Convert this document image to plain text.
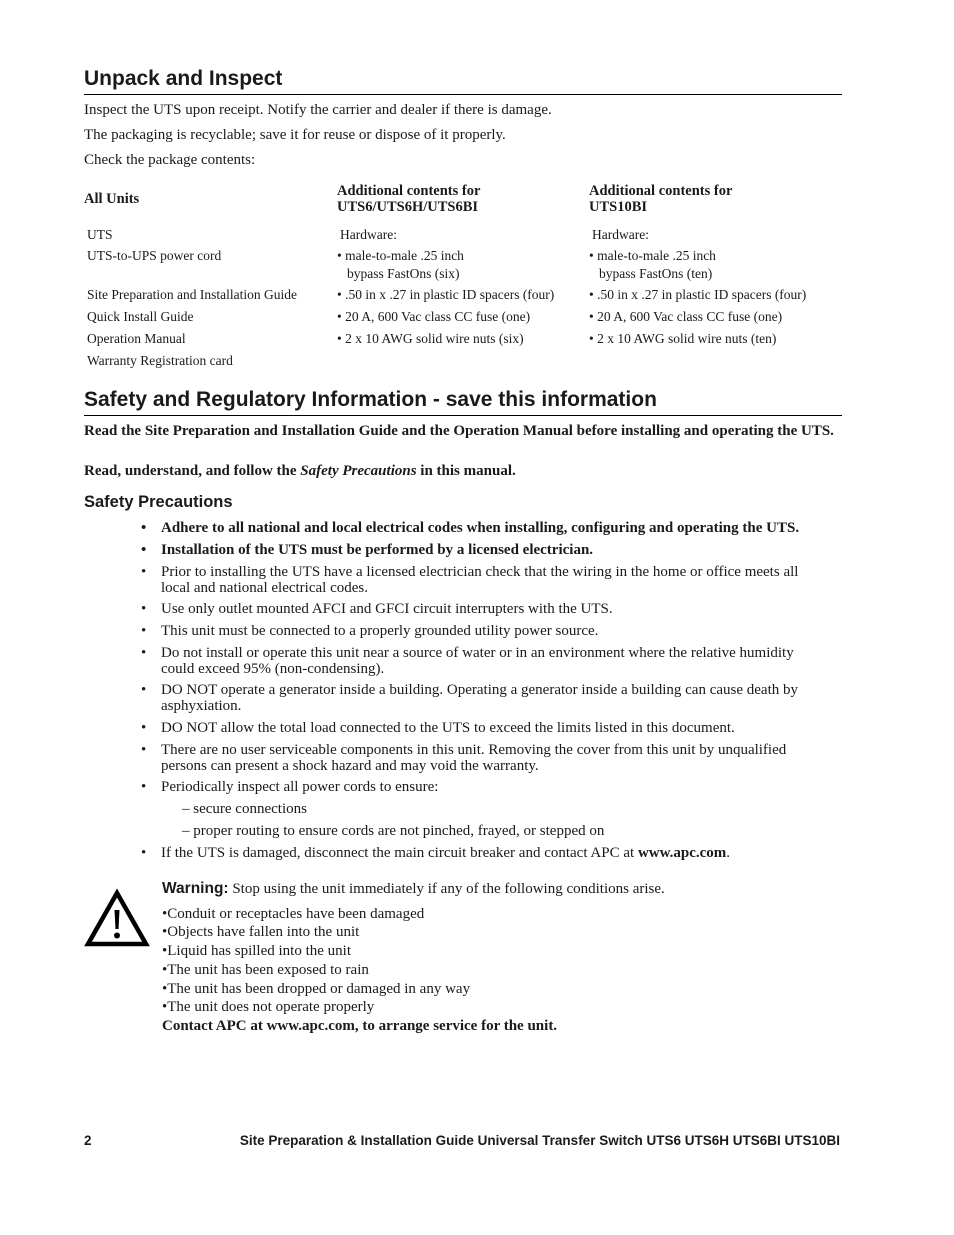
Unpack and Inspect

Inspect the UTS upon receipt. Notify the carrier and dealer if there is damage.

The packaging is recyclable; save it for reuse or dispose of it properly.

Check the package contents:

All Units	Additional contents for
UTS6/UTS6H/UTS6BI
Additional contents for
UTS10BI
UTS
UTS-to-UPS power cord
Site Preparation and Installation Guide
Quick Install Guide
Operation Manual
Warranty Registration card
Hardware:
• male-to-male .25 inch
bypass FastOns (six)
• .50 in x .27 in plastic ID spacers (four)
• 20 A, 600 Vac class CC fuse (one)
• 2 x 10 AWG solid wire nuts (six)
Hardware:
• male-to-male .25 inch
bypass FastOns (ten)
• .50 in x .27 in plastic ID spacers (four)
• 20 A, 600 Vac class CC fuse (one)
• 2 x 10 AWG solid wire nuts (ten)
Safety and Regulatory Information - save this information

Read the Site Preparation and Installation Guide and the Operation Manual before installing and operating the UTS.

Read, understand, and follow the Safety Precautions in this manual.

Safety Precautions
• Adhere to all national and local electrical codes when installing, configuring and operating the UTS.
• Installation of the UTS must be performed by a licensed electrician.
• Prior to installing the UTS have a licensed electrician check that the wiring in the home or office meets all local and national electrical codes.
• Use only outlet mounted AFCI and GFCI circuit interrupters with the UTS.
• This unit must be connected to a properly grounded utility power source.
• Do not install or operate this unit near a source of water or in an environment where the relative humidity could exceed 95% (non-condensing).
• DO NOT operate a generator inside a building. Operating a generator inside a building can cause death by asphyxiation.
• DO NOT allow the total load connected to the UTS to exceed the limits listed in this document.
• There are no user serviceable components in this unit. Removing the cover from this unit by unqualified persons can present a shock hazard and may void the warranty.
• Periodically inspect all power cords to ensure:
– secure connections
– proper routing to ensure cords are not pinched, frayed, or stepped on
• If the UTS is damaged, disconnect the main circuit breaker and contact APC at www.apc.com.
Warning: Stop using the unit immediately if any of the following conditions arise.
•Conduit or receptacles have been damaged
•Objects have fallen into the unit
•Liquid has spilled into the unit
•The unit has been exposed to rain
•The unit has been dropped or damaged in any way
•The unit does not operate properly
Contact APC at www.apc.com, to arrange service for the unit.
2	Site Preparation & Installation Guide Universal Transfer Switch UTS6 UTS6H UTS6BI UTS10BI
